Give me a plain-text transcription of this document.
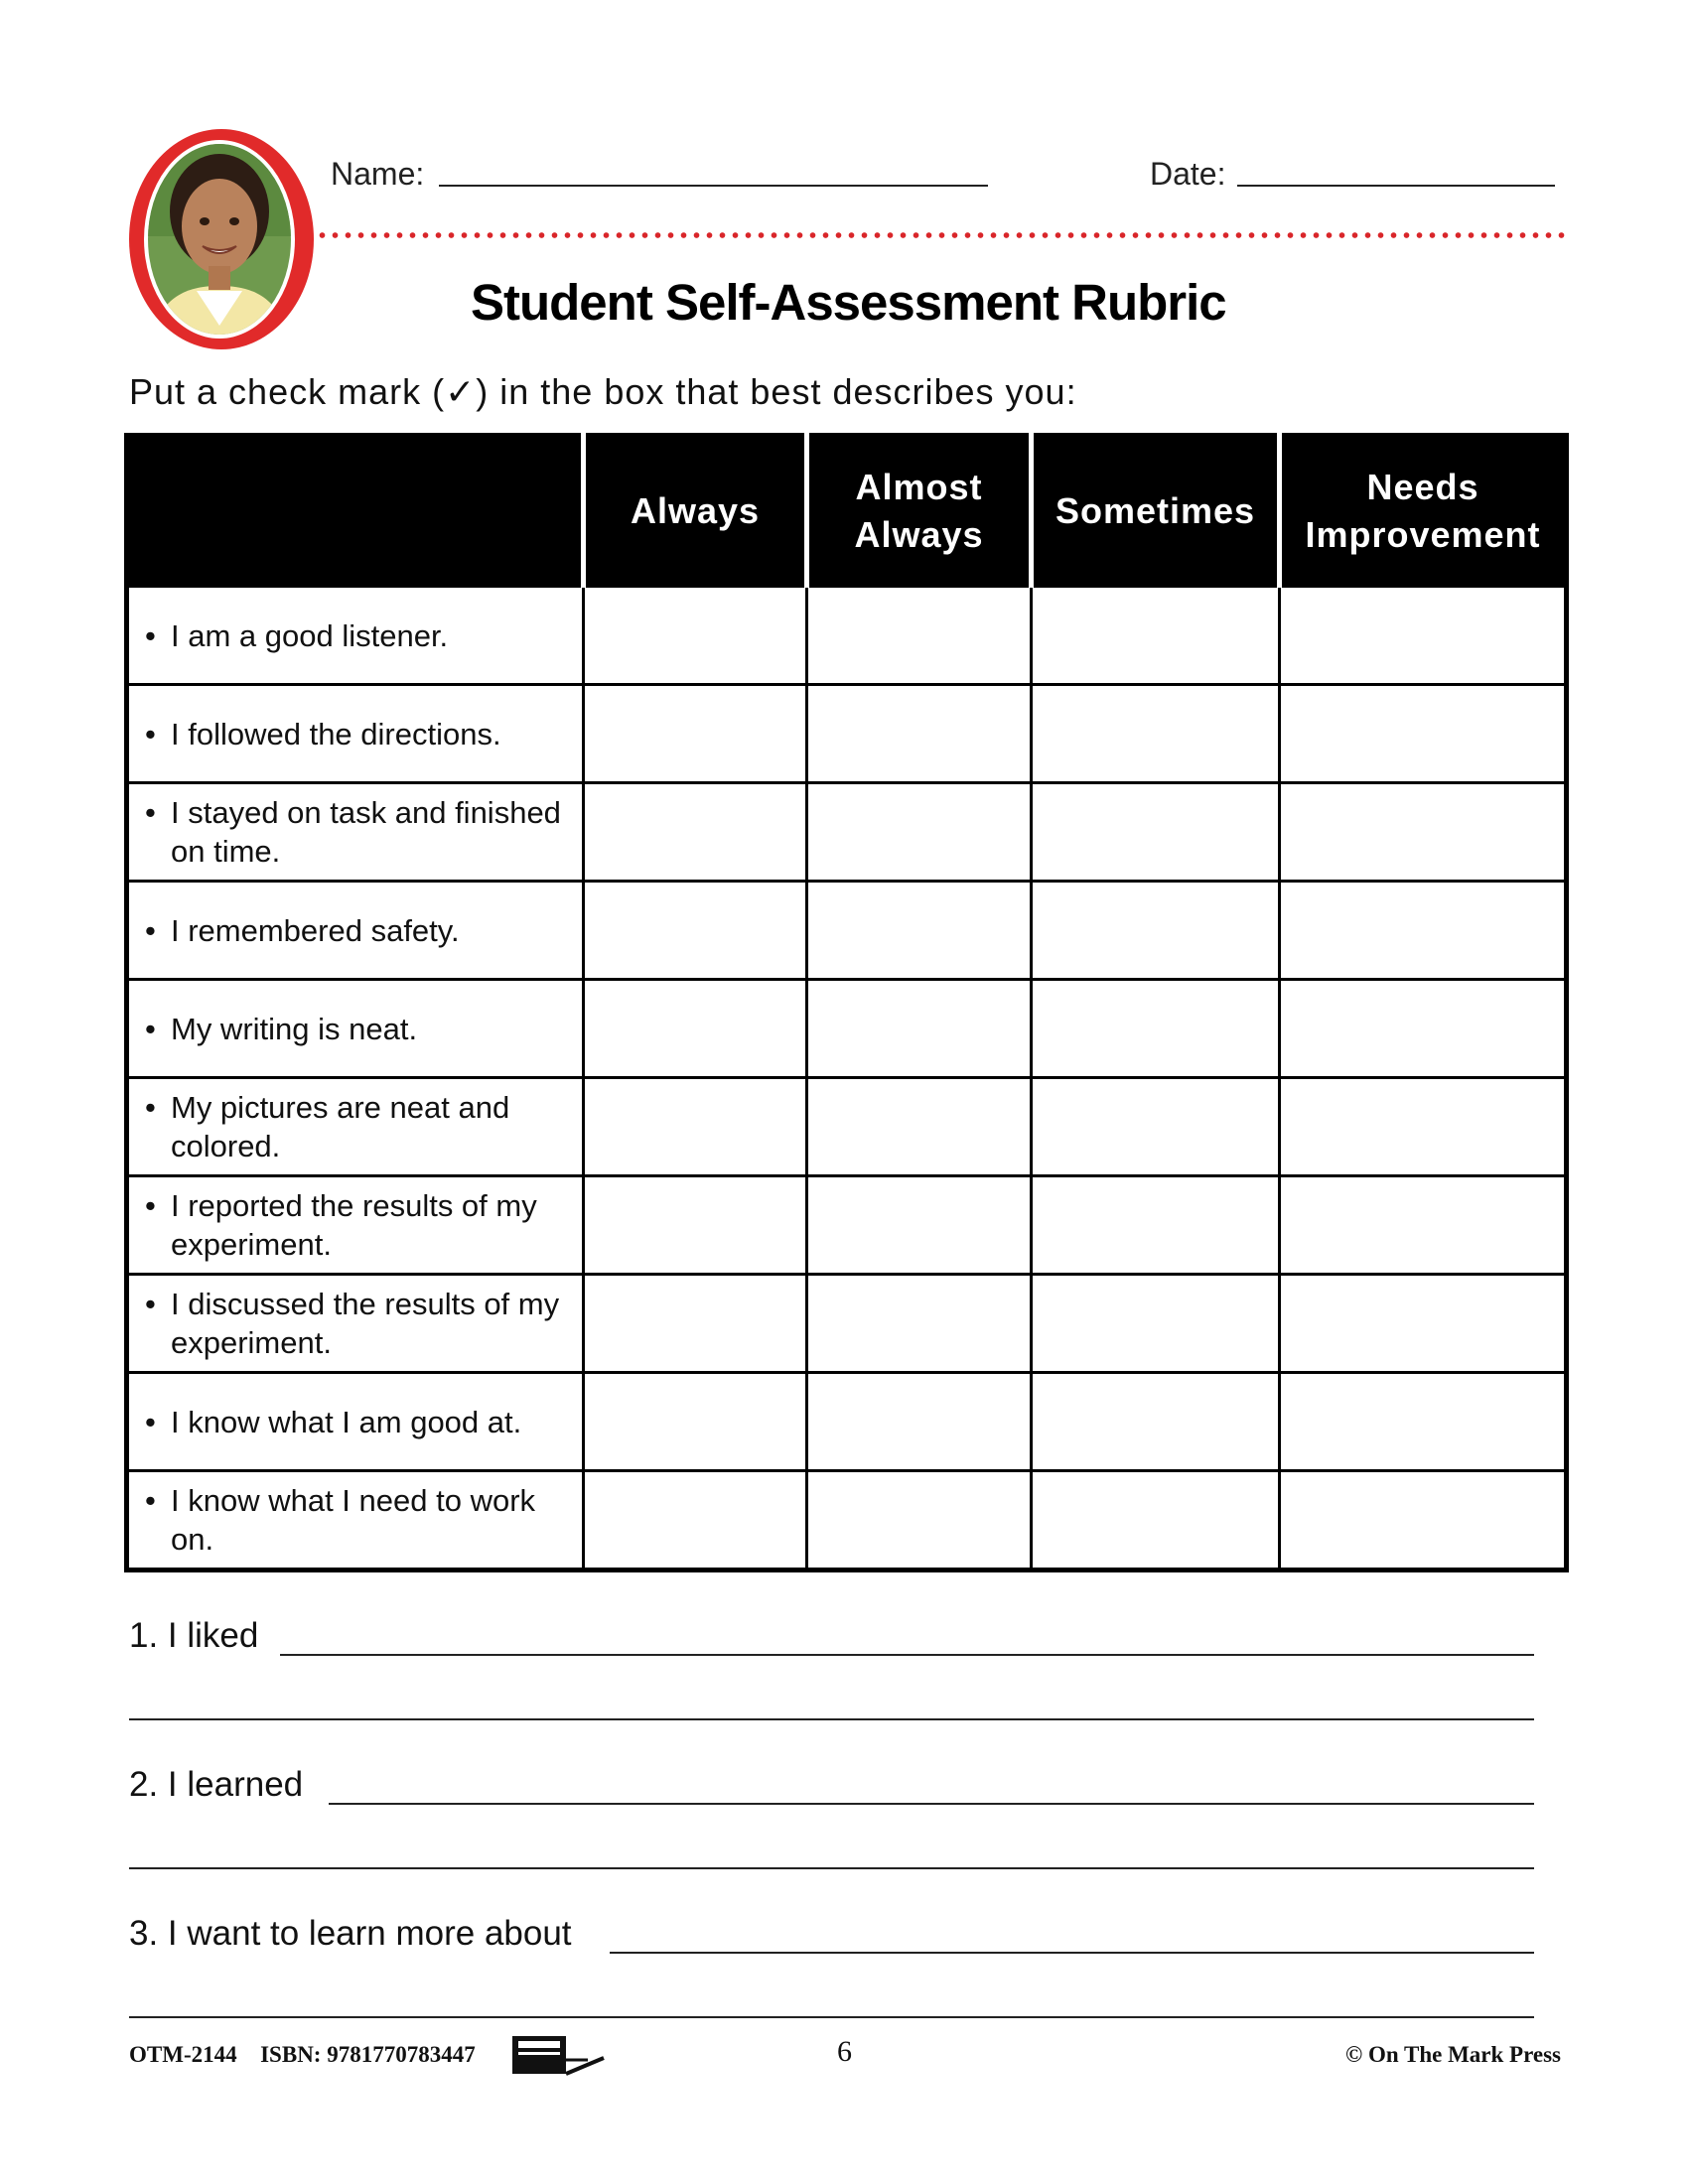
Name:	Date:
Student Self-Assessment Rubric
Put a check mark (✓) in the box that best describes you:
	Always	Almost Always	Sometimes	Needs Improvement

• I am a good listener.				

• I followed the directions.				

• I stayed on task and finished on time.				

• I remembered safety.				

• My writing is neat.				

• My pictures are neat and colored.				

• I reported the results of my experiment.				

• I discussed the results of my experiment.				

• I know what I am good at.				

• I know what I need to work on.				

1. I liked
2. I learned
3. I want to learn more about
OTM-2144 ISBN: 9781770783447	6	© On The Mark Press
